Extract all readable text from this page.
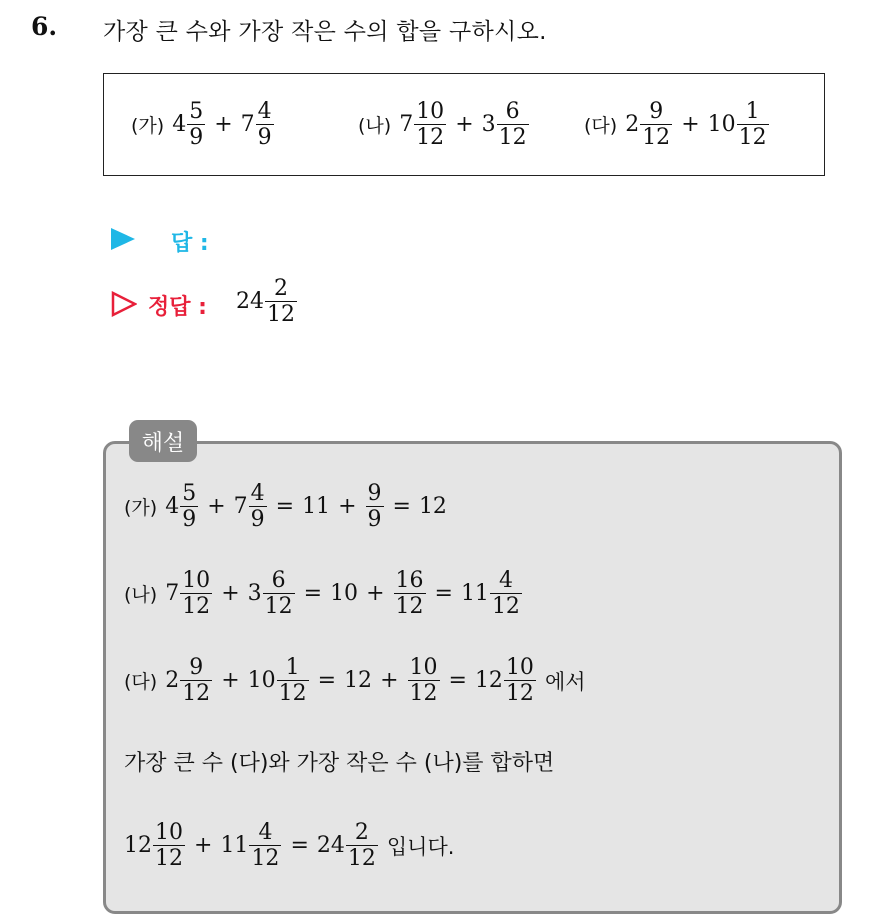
6. 가장 큰 수와 가장 작은 수의 합을 구하시오.
(가) $4 \frac{5}{9} + 7 \frac{4}{9}$	(나) $7 \frac{10}{12} + 3 \frac{6}{12}$	(다) $2 \frac{9}{12} + 10 \frac{1}{12}$
답 :
정답 : $24 \frac{2}{12}$
해설
(가) $4 \frac{5}{9} + 7 \frac{4}{9} = 11 + \frac{9}{9} = 12$
(나) $7 \frac{10}{12} + 3 \frac{6}{12} = 10 + \frac{16}{12} = 11 \frac{4}{12}$
(다) $2 \frac{9}{12} + 10 \frac{1}{12} = 12 + \frac{10}{12} = 12 \frac{10}{12}$ 에서
가장 큰 수 (다)와 가장 작은 수 (나)를 합하면
$12 \frac{10}{12} + 11 \frac{4}{12} = 24 \frac{2}{12}$ 입니다.
